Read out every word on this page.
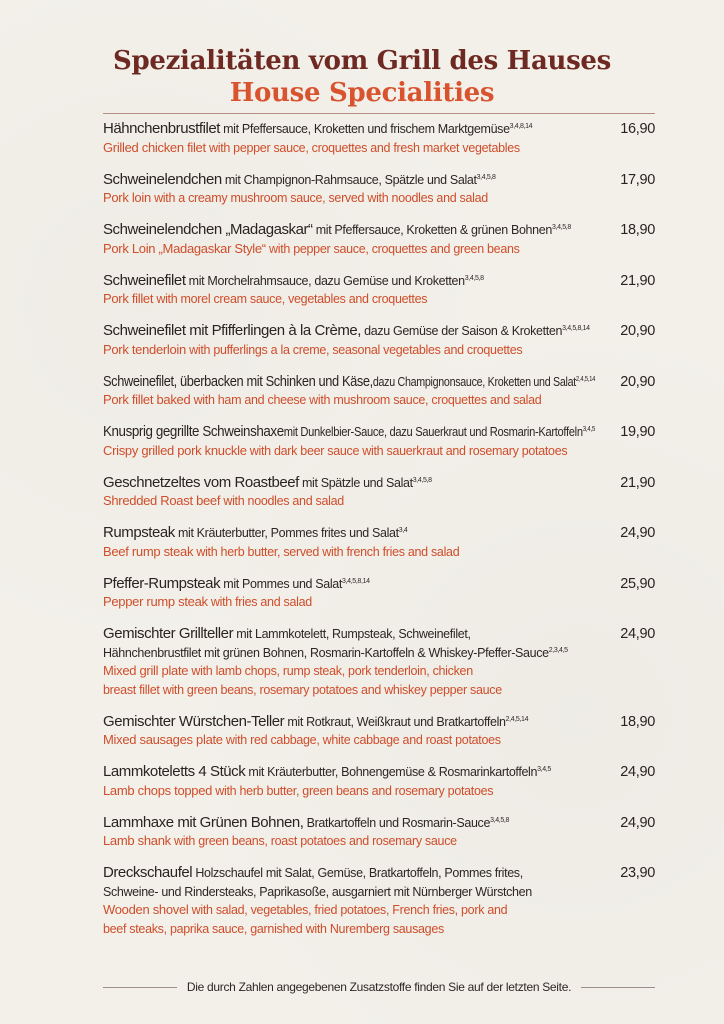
Spezialitäten vom Grill des Hauses
House Specialities
Hähnchenbrustfilet mit Pfeffersauce, Kroketten und frischem Marktgemüse$^{3,4,8,14}$
Grilled chicken filet with pepper sauce, croquettes and fresh market vegetables
16,90
Schweinelendchen mit Champignon-Rahmsauce, Spätzle und Salat$^{3,4,5,8}$
Pork loin with a creamy mushroom sauce, served with noodles and salad
17,90
Schweinelendchen „Madagaskar“ mit Pfeffersauce, Kroketten & grünen Bohnen$^{3,4,5,8}$
Pork Loin „Madagaskar Style“ with pepper sauce, croquettes and green beans
18,90
Schweinefilet mit Morchelrahmsauce, dazu Gemüse und Kroketten$^{3,4,5,8}$
Pork fillet with morel cream sauce, vegetables and croquettes
21,90
Schweinefilet mit Pfifferlingen à la Crème, dazu Gemüse der Saison & Kroketten$^{3,4,5,8,14}$
Pork tenderloin with pufferlings a la creme, seasonal vegetables and croquettes
20,90
Schweinefilet, überbacken mit Schinken und Käse,dazu Champignonsauce, Kroketten und Salat$^{2,4,5,14}$
Pork fillet baked with ham and cheese with mushroom sauce, croquettes and salad
20,90
Knusprig gegrillte Schweinshaxemit Dunkelbier-Sauce, dazu Sauerkraut und Rosmarin-Kartoffeln$^{3,4,5}$
Crispy grilled pork knuckle with dark beer sauce with sauerkraut and rosemary potatoes
19,90
Geschnetzeltes vom Roastbeef mit Spätzle und Salat$^{3,4,5,8}$
Shredded Roast beef with noodles and salad
21,90
Rumpsteak mit Kräuterbutter, Pommes frites und Salat$^{3,4}$
Beef rump steak with herb butter, served with french fries and salad
24,90
Pfeffer-Rumpsteak mit Pommes und Salat$^{3,4,5,8,14}$
Pepper rump steak with fries and salad
25,90
Gemischter Grillteller mit Lammkotelett, Rumpsteak, Schweinefilet,
Hähnchenbrustfilet mit grünen Bohnen, Rosmarin-Kartoffeln & Whiskey-Pfeffer-Sauce$^{2,3,4,5}$
Mixed grill plate with lamb chops, rump steak, pork tenderloin, chicken
breast fillet with green beans, rosemary potatoes and whiskey pepper sauce
24,90
Gemischter Würstchen-Teller mit Rotkraut, Weißkraut und Bratkartoffeln$^{2,4,5,14}$
Mixed sausages plate with red cabbage, white cabbage and roast potatoes
18,90
Lammkoteletts 4 Stück mit Kräuterbutter, Bohnengemüse & Rosmarinkartoffeln$^{3,4,5}$
Lamb chops topped with herb butter, green beans and rosemary potatoes
24,90
Lammhaxe mit Grünen Bohnen, Bratkartoffeln und Rosmarin-Sauce$^{3,4,5,8}$
Lamb shank with green beans, roast potatoes and rosemary sauce
24,90
Dreckschaufel Holzschaufel mit Salat, Gemüse, Bratkartoffeln, Pommes frites,
Schweine- und Rindersteaks, Paprikasoße, ausgarniert mit Nürnberger Würstchen
Wooden shovel with salad, vegetables, fried potatoes, French fries, pork and
beef steaks, paprika sauce, garnished with Nuremberg sausages
23,90
Die durch Zahlen angegebenen Zusatzstoffe finden Sie auf der letzten Seite.
